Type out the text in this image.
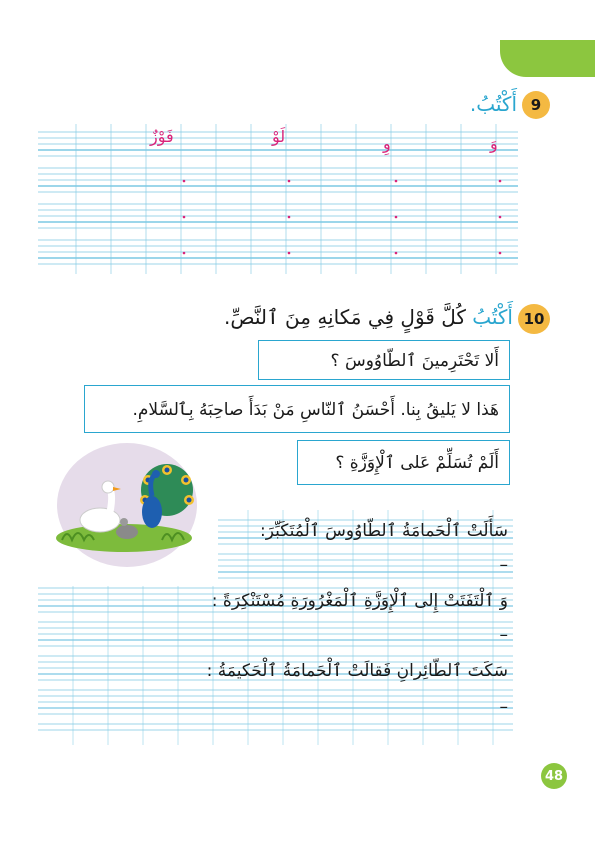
9
أَكْتُبُ.
وَ
وِ
لَوْ
فَوْزٌ
10
أَكْتُبُ كُلَّ قَوْلٍ فِي مَكانِهِ مِنَ ٱلنَّصِّ.
أَلا تَحْتَرِمينَ ٱلطّاوُوسَ ؟
هَذا لا يَليقُ بِنا. أَحْسَنُ ٱلنّاسِ مَنْ بَدَأَ صاحِبَهُ بِٱلسَّلامِ.
أَلَمْ تُسَلِّمْ عَلى ٱلْإِوَزَّةِ ؟
سَأَلَتْ ٱلْحَمامَةُ ٱلطّاوُوسَ ٱلْمُتَكَبِّرَ:
–
وَ ٱلْتَفَتَتْ إِلى ٱلْإِوَزَّةِ ٱلْمَغْرُورَةِ مُسْتَنْكِرَةً :
–
سَكَتَ ٱلطّائِرانِ فَقالَتْ ٱلْحَمامَةُ ٱلْحَكيمَةُ :
–
48
